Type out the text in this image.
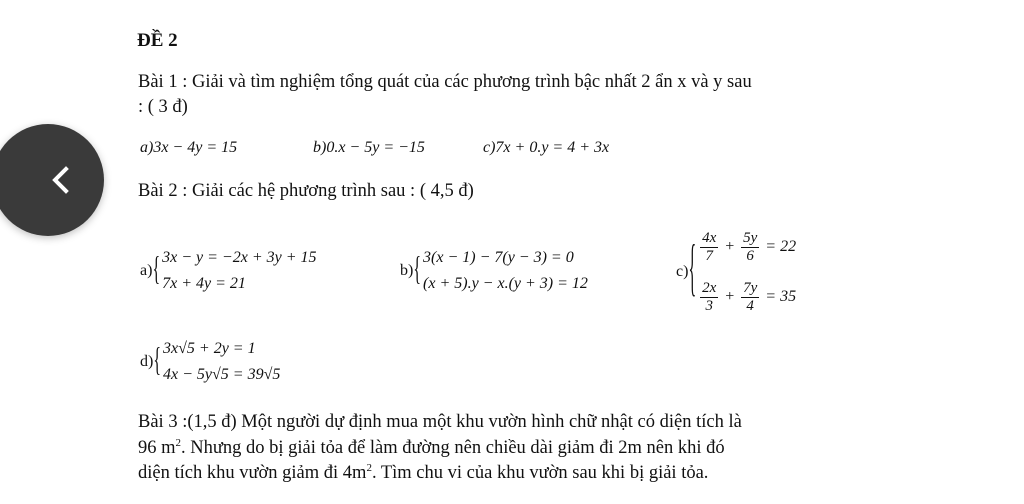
ĐỀ 2
Bài 1 : Giải và tìm nghiệm tổng quát của các phương trình bậc nhất 2 ẩn x và y sau
: ( 3 đ)
a)3x − 4y = 15	b)0.x − 5y = −15	c)7x + 0.y = 4 + 3x
Bài 2 : Giải các hệ phương trình sau : ( 4,5 đ)
a) { 3x − y = −2x + 3y + 15
7x + 4y = 21
b) { 3(x − 1) − 7(y − 3) = 0
(x + 5).y − x.(y + 3) = 12
c) { $\frac{4x}{7} + \frac{5y}{6} = 22$
$\frac{2x}{3} + \frac{7y}{4} = 35$
d) { 3x√5 + 2y = 1
4x − 5y√5 = 39√5
Bài 3 :(1,5 đ) Một người dự định mua một khu vườn hình chữ nhật có diện tích là
96 $m^2$. Nhưng do bị giải tỏa để làm đường nên chiều dài giảm đi 2m nên khi đó
diện tích khu vườn giảm đi $4m^2$. Tìm chu vi của khu vườn sau khi bị giải tỏa.
